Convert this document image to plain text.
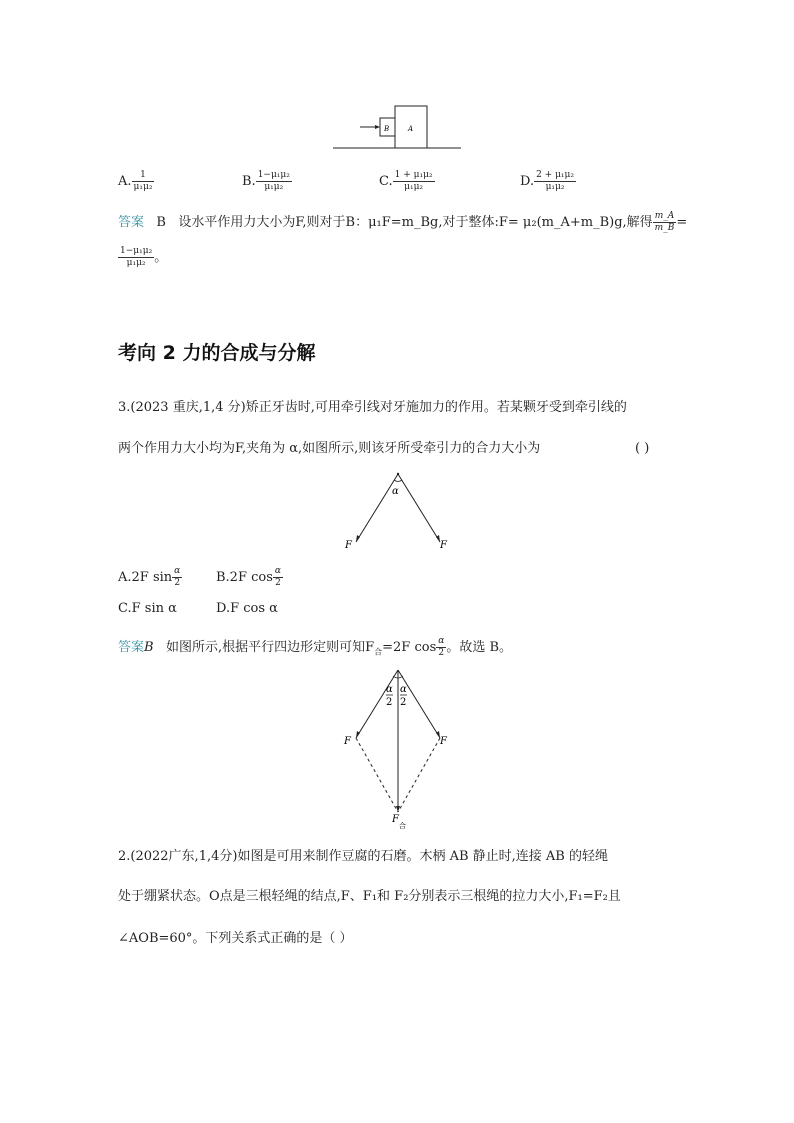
B	A
A. $\frac{1}{\text{μ₁μ₂}}$	B. $\frac{\text{1−μ₁μ₂}}{\text{μ₁μ₂}}$	C. $\frac{\text{1 + μ₁μ₂}}{\text{μ₁μ₂}}$	D. $\frac{\text{2 + μ₁μ₂}}{\text{μ₁μ₂}}$
答案 B 设水平作用力大小为F,则对于B：μ₁F=m_Bg,对于整体:F= μ₂(m_A+m_B)g,解得 $\frac{m\_A}{m\_B}$ =
$\frac{\text{1−μ₁μ₂}}{\text{μ₁μ₂}}$ 。
考向 2 力的合成与分解
3.(2023 重庆,1,4 分)矫正牙齿时,可用牵引线对牙施加力的作用。若某颗牙受到牵引线的
两个作用力大小均为F,夹角为 α,如图所示,则该牙所受牵引力的合力大小为	( )
α
F	F
A.2F $\sin \frac{\alpha}{2}$	B.2F $\cos \frac{\alpha}{2}$
C.F sin α	D.F cos α
答案B 如图所示,根据平行四边形定则可知$F_合=2F$ $\cos \frac{\alpha}{2}$ 。故选 B。
α
2
α
2
F	F
F
合
2.(2022广东,1,4分)如图是可用来制作豆腐的石磨。木柄 AB 静止时,连接 AB 的轻绳
处于绷紧状态。O点是三根轻绳的结点,F、F₁和 F₂分别表示三根绳的拉力大小,F₁=F₂且
∠AOB=60°。下列关系式正确的是（ ）
